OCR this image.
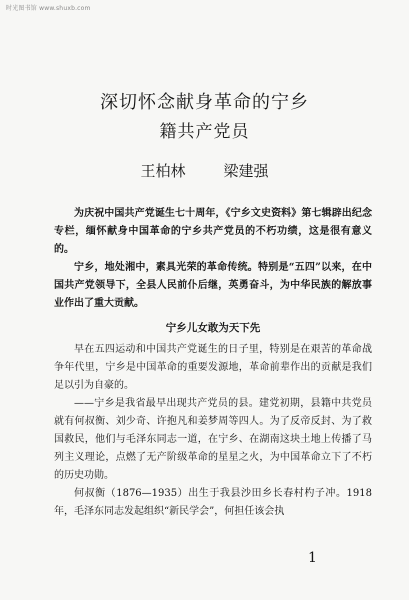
时光图书馆 www.shuxb.com
深切怀念献身革命的宁乡
籍共产党员
王柏林	梁建强

为庆祝中国共产党诞生七十周年，《宁乡文史资料》第七辑辟出纪念专栏，缅怀献身中国革命的宁乡共产党员的不朽功绩，这是很有意义的。

宁乡，地处湘中，素具光荣的革命传统。特别是“五四”以来，在中国共产党领导下，全县人民前仆后继，英勇奋斗，为中华民族的解放事业作出了重大贡献。

宁乡儿女敢为天下先

早在五四运动和中国共产党诞生的日子里，特别是在艰苦的革命战争年代里，宁乡是中国革命的重要发源地，革命前辈作出的贡献是我们足以引为自豪的。

——宁乡是我省最早出现共产党员的县。建党初期，县籍中共党员就有何叔衡、刘少奇、许抱凡和姜梦周等四人。为了反帝反封、为了救国救民，他们与毛泽东同志一道，在宁乡、在湖南这块土地上传播了马列主义理论，点燃了无产阶级革命的星星之火，为中国革命立下了不朽的历史功勋。

何叔衡（1876—1935）出生于我县沙田乡长春村杓子冲。1918年，毛泽东同志发起组织“新民学会”，何担任该会执

1
